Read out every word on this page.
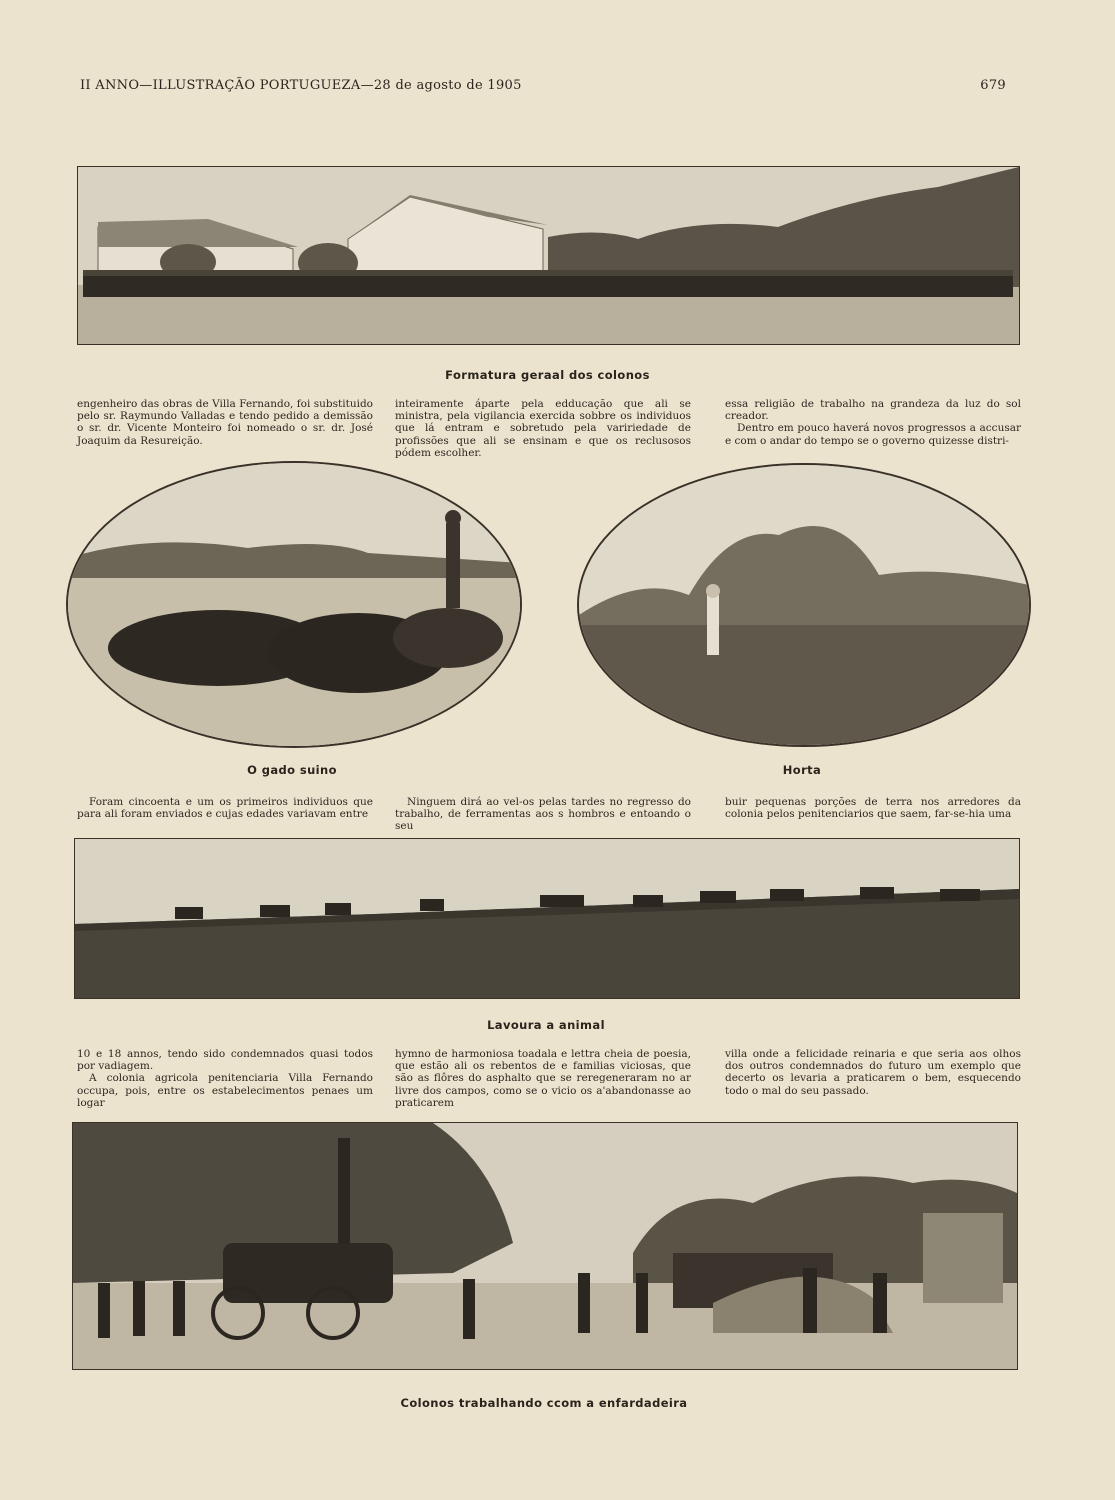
II ANNO—ILLUSTRAÇÃO PORTUGUEZA—28 de agosto de 1905	679
Formatura geraal dos colonos

engenheiro das obras de Villa Fernando, foi substituido pelo sr. Raymundo Valladas e tendo pedido a demissão o sr. dr. Vicente Monteiro foi nomeado o sr. dr. José Joaquim da Resureição.

inteiramente áparte pela edducação que ali se ministra, pela vigilancia exercida sobbre os individuos que lá entram e sobretudo pela variriedade de profissões que ali se ensinam e que os reclusosos pódem escolher.

essa religião de trabalho na grandeza da luz do sol creador.

Dentro em pouco haverá novos progressos a accusar e com o andar do tempo se o governo quizesse distri-

O gado suino	Horta

Foram cincoenta e um os primeiros individuos que para ali foram enviados e cujas edades variavam entre

Ninguem dirá ao vel-os pelas tardes no regresso do trabalho, de ferramentas aos s hombros e entoando o seu

buir pequenas porções de terra nos arredores da colonia pelos penitenciarios que saem, far-se-hia uma

Lavoura a animal

10 e 18 annos, tendo sido condemnados quasi todos por vadiagem.

A colonia agricola penitenciaria Villa Fernando occupa, pois, entre os estabelecimentos penaes um logar

hymno de harmoniosa toadala e lettra cheia de poesia, que estão ali os rebentos de e familias viciosas, que são as flôres do asphalto que se reregeneraram no ar livre dos campos, como se o vicio os a'abandonasse ao praticarem

villa onde a felicidade reinaria e que seria aos olhos dos outros condemnados do futuro um exemplo que decerto os levaria a praticarem o bem, esquecendo todo o mal do seu passado.

Colonos trabalhando ccom a enfardadeira
